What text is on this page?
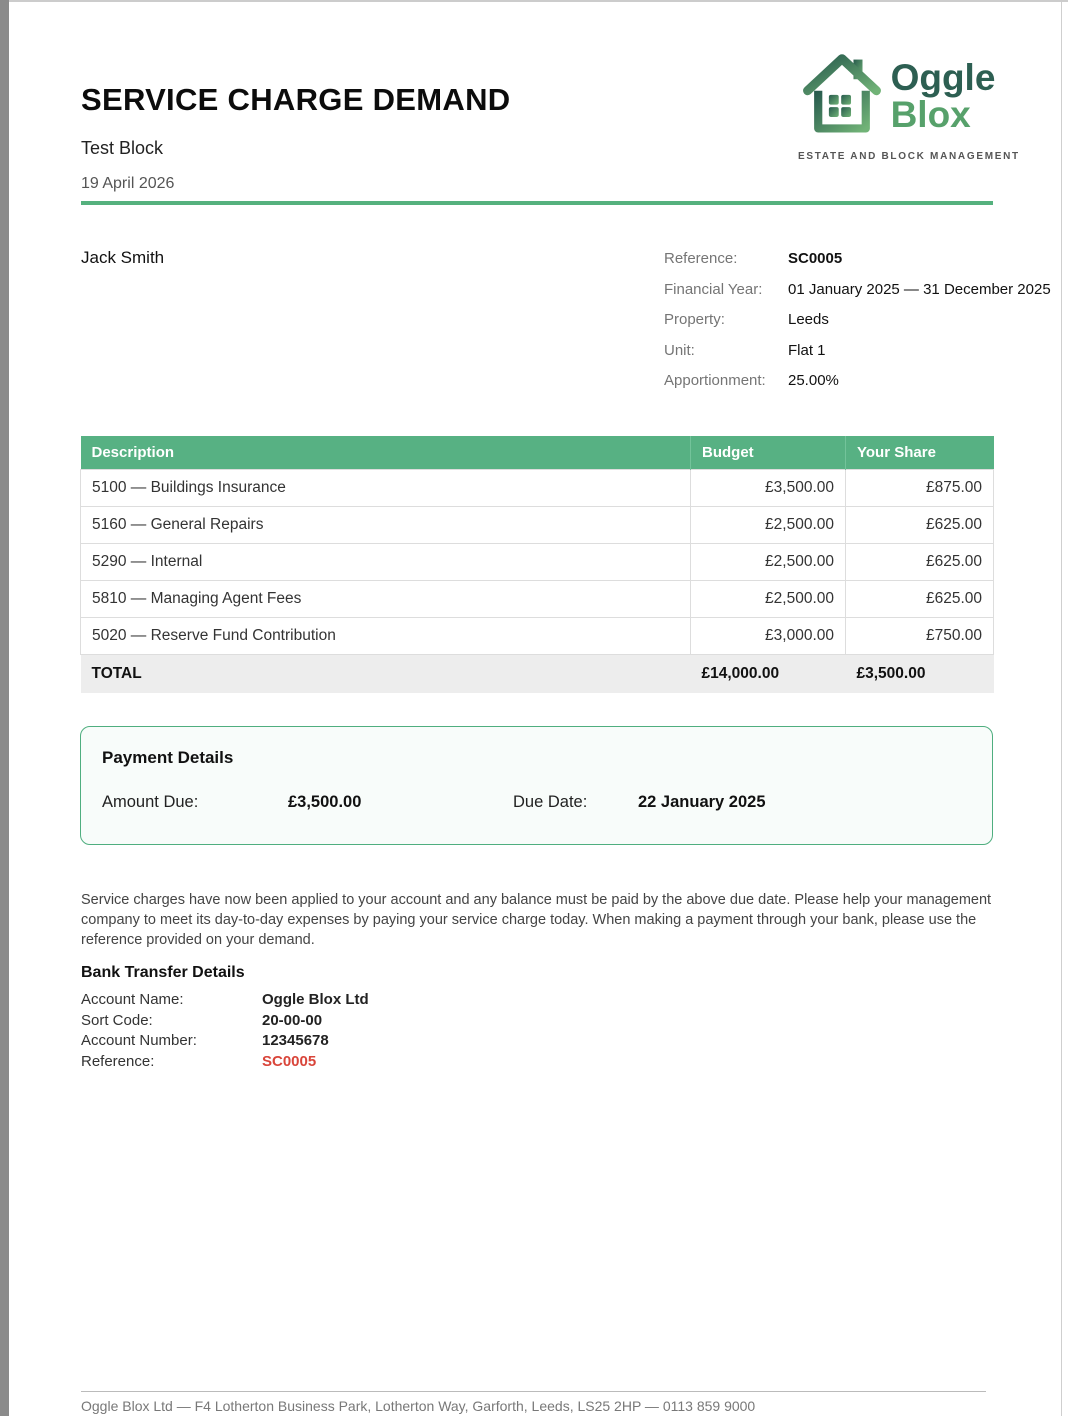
SERVICE CHARGE DEMAND
Test Block
19 April 2026
Oggle
Blox
ESTATE AND BLOCK MANAGEMENT
Jack Smith	Reference:	SC0005
Financial Year:	01 January 2025 — 31 December 2025
Property:	Leeds
Unit:	Flat 1
Apportionment:	25.00%
Description	Budget	Your Share
5100 — Buildings Insurance	£3,500.00	£875.00
5160 — General Repairs	£2,500.00	£625.00
5290 — Internal	£2,500.00	£625.00
5810 — Managing Agent Fees	£2,500.00	£625.00
5020 — Reserve Fund Contribution	£3,000.00	£750.00
TOTAL	£14,000.00	£3,500.00
Payment Details
Amount Due:	£3,500.00	Due Date:	22 January 2025
Service charges have now been applied to your account and any balance must be paid by the above due date. Please help your management company to meet its day-to-day expenses by paying your service charge today. When making a payment through your bank, please use the reference provided on your demand.
Bank Transfer Details
Account Name:	Oggle Blox Ltd
Sort Code:	20-00-00
Account Number:	12345678
Reference:	SC0005
Oggle Blox Ltd — F4 Lotherton Business Park, Lotherton Way, Garforth, Leeds, LS25 2HP — 0113 859 9000
